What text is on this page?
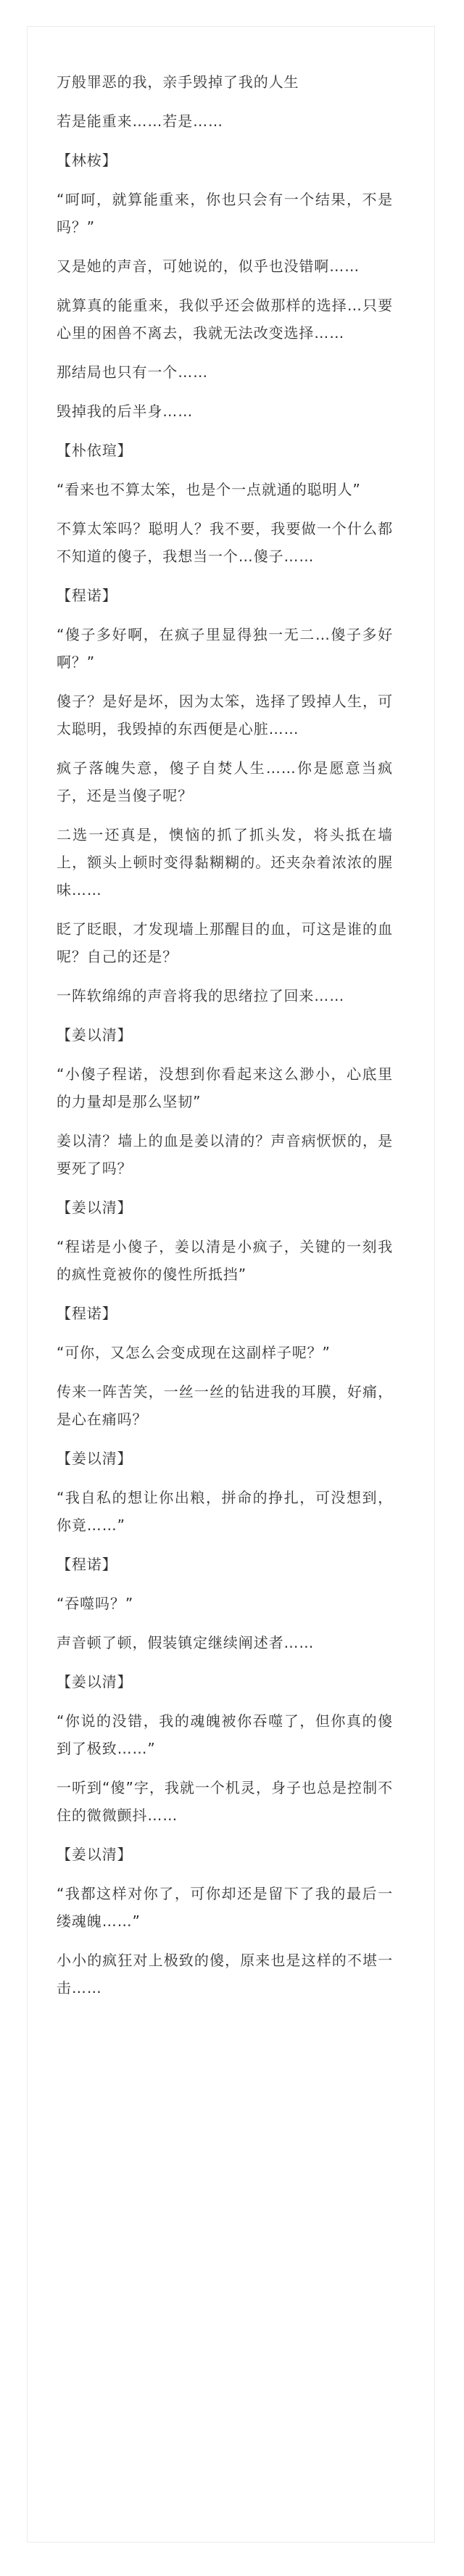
万般罪恶的我，亲手毁掉了我的人生
若是能重来……若是……
【林桉】
“呵呵，就算能重来，你也只会有一个结果，不是吗？”
又是她的声音，可她说的，似乎也没错啊……
就算真的能重来，我似乎还会做那样的选择…只要心里的困兽不离去，我就无法改变选择……
那结局也只有一个……
毁掉我的后半身……
【朴依瑄】
“看来也不算太笨，也是个一点就通的聪明人”
不算太笨吗？聪明人？我不要，我要做一个什么都不知道的傻子，我想当一个…傻子……
【程诺】
“傻子多好啊，在疯子里显得独一无二…傻子多好啊？”
傻子？是好是坏，因为太笨，选择了毁掉人生，可太聪明，我毁掉的东西便是心脏……
疯子落魄失意，傻子自焚人生……你是愿意当疯子，还是当傻子呢？
二选一还真是，懊恼的抓了抓头发，将头抵在墙上，额头上顿时变得黏糊糊的。还夹杂着浓浓的腥味……
眨了眨眼，才发现墙上那醒目的血，可这是谁的血呢？自己的还是？
一阵软绵绵的声音将我的思绪拉了回来……
【姜以清】
“小傻子程诺，没想到你看起来这么渺小，心底里的力量却是那么坚韧”
姜以清？墙上的血是姜以清的？声音病恹恹的，是要死了吗？
【姜以清】
“程诺是小傻子，姜以清是小疯子，关键的一刻我的疯性竟被你的傻性所抵挡”
【程诺】
“可你，又怎么会变成现在这副样子呢？”
传来一阵苦笑，一丝一丝的钻进我的耳膜，好痛，是心在痛吗？
【姜以清】
“我自私的想让你出粮，拼命的挣扎，可没想到，你竟……”
【程诺】
“吞噬吗？”
声音顿了顿，假装镇定继续阐述者……
【姜以清】
“你说的没错，我的魂魄被你吞噬了，但你真的傻到了极致……”
一听到“傻”字，我就一个机灵，身子也总是控制不住的微微颤抖……
【姜以清】
“我都这样对你了，可你却还是留下了我的最后一缕魂魄……”
小小的疯狂对上极致的傻，原来也是这样的不堪一击……
